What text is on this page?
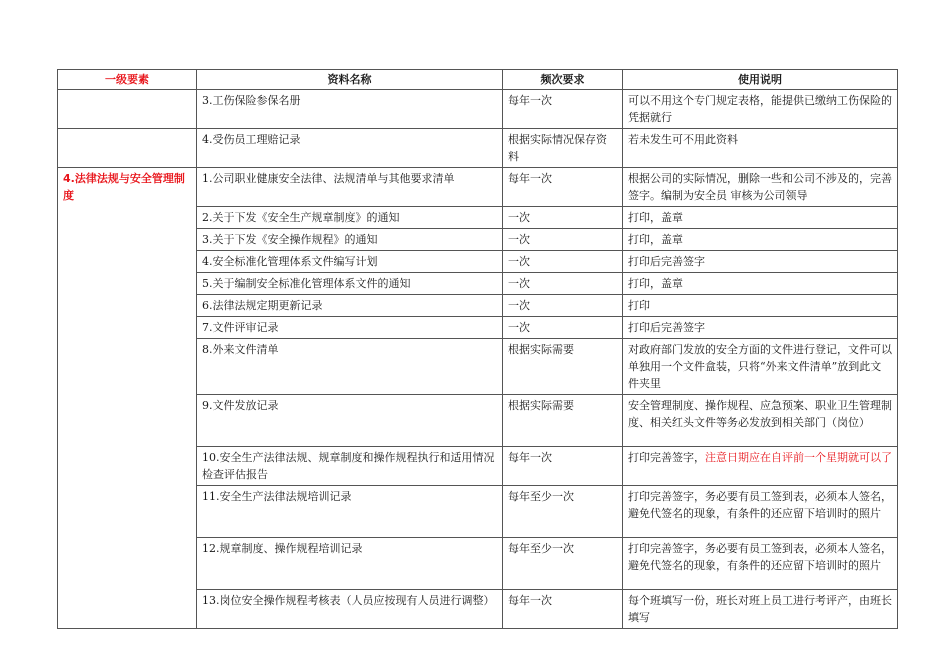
一级要素	资料名称	频次要求	使用说明
	3.工伤保险参保名册	每年一次	可以不用这个专门规定表格，能提供已缴纳工伤保险的凭据就行
	4.受伤员工理赔记录	根据实际情况保存资料	若未发生可不用此资料
4.法律法规与安全管理制度	1.公司职业健康安全法律、法规清单与其他要求清单	每年一次	根据公司的实际情况，删除一些和公司不涉及的，完善签字。编制为安全员 审核为公司领导
	2.关于下发《安全生产规章制度》的通知	一次	打印，盖章
	3.关于下发《安全操作规程》的通知	一次	打印，盖章
	4.安全标准化管理体系文件编写计划	一次	打印后完善签字
	5.关于编制安全标准化管理体系文件的通知	一次	打印，盖章
	6.法律法规定期更新记录	一次	打印
	7.文件评审记录	一次	打印后完善签字
	8.外来文件清单	根据实际需要	对政府部门发放的安全方面的文件进行登记，文件可以单独用一个文件盒装，只将“外来文件清单”放到此文件夹里
	9.文件发放记录	根据实际需要	安全管理制度、操作规程、应急预案、职业卫生管理制度、相关红头文件等务必发放到相关部门（岗位）
	10.安全生产法律法规、规章制度和操作规程执行和适用情况检查评估报告	每年一次	打印完善签字，注意日期应在自评前一个星期就可以了
	11.安全生产法律法规培训记录	每年至少一次	打印完善签字，务必要有员工签到表，必须本人签名，避免代签名的现象，有条件的还应留下培训时的照片
	12.规章制度、操作规程培训记录	每年至少一次	打印完善签字，务必要有员工签到表，必须本人签名，避免代签名的现象，有条件的还应留下培训时的照片
	13.岗位安全操作规程考核表（人员应按现有人员进行调整）	每年一次	每个班填写一份，班长对班上员工进行考评产，由班长填写
